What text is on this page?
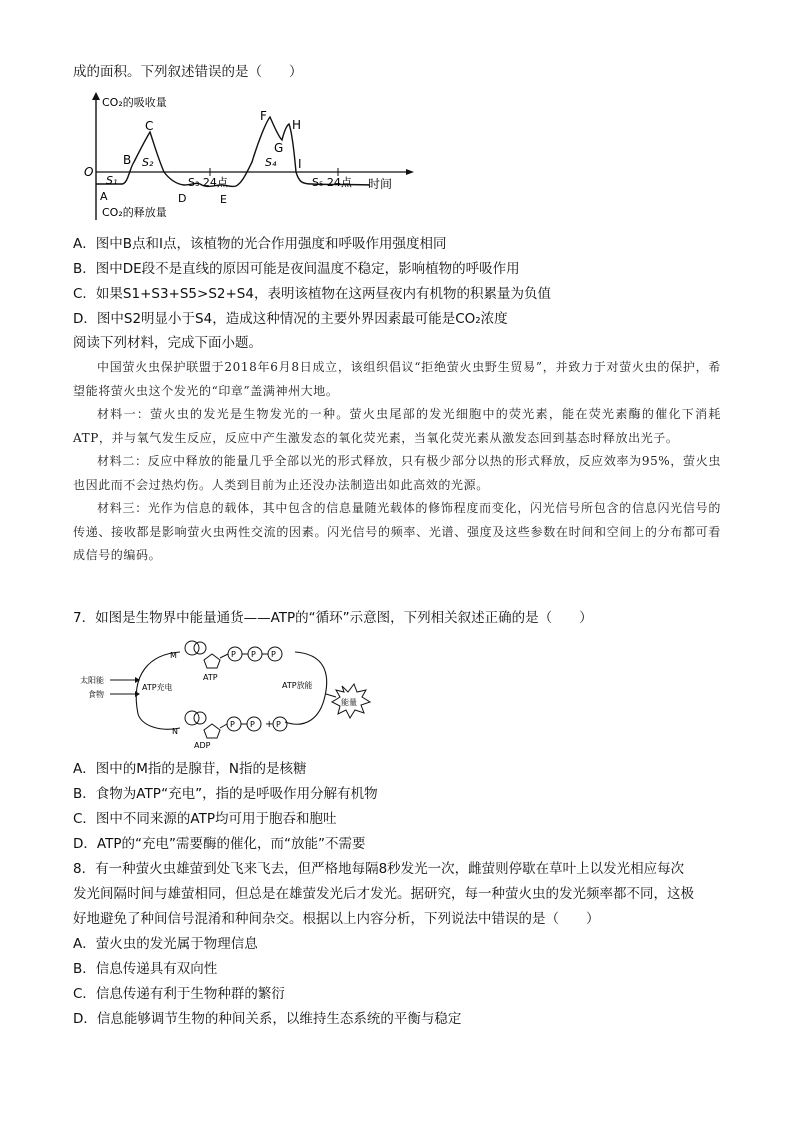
成的面积。下列叙述错误的是（　　）
CO₂的吸收量
CO₂的释放量
O
时间
A
B
C
D	E
F
G
H
I
S₁
S₂	S₄
S₃ 24点	S₅ 24点
A．图中B点和I点，该植物的光合作用强度和呼吸作用强度相同
B．图中DE段不是直线的原因可能是夜间温度不稳定，影响植物的呼吸作用
C．如果S1+S3+S5>S2+S4，表明该植物在这两昼夜内有机物的积累量为负值
D．图中S2明显小于S4，造成这种情况的主要外界因素最可能是CO₂浓度
阅读下列材料，完成下面小题。

中国萤火虫保护联盟于2018年6月8日成立，该组织倡议“拒绝萤火虫野生贸易”，并致力于对萤火虫的保护，希望能将萤火虫这个发光的“印章”盖满神州大地。

材料一：萤火虫的发光是生物发光的一种。萤火虫尾部的发光细胞中的荧光素，能在荧光素酶的催化下消耗ATP，并与氧气发生反应，反应中产生激发态的氧化荧光素，当氧化荧光素从激发态回到基态时释放出光子。

材料二：反应中释放的能量几乎全部以光的形式释放，只有极少部分以热的形式释放，反应效率为95%，萤火虫也因此而不会过热灼伤。人类到目前为止还没办法制造出如此高效的光源。

材料三：光作为信息的载体，其中包含的信息量随光载体的修饰程度而变化，闪光信号所包含的信息闪光信号的传递、接收都是影响萤火虫两性交流的因素。闪光信号的频率、光谱、强度及这些参数在时间和空间上的分布都可看成信号的编码。

7．如图是生物界中能量通货——ATP的“循环”示意图，下列相关叙述正确的是（　　）
太阳能
食物
ATP充电	ATP放能
M	P P P
ATP
能量
N
P P + P
ADP
A．图中的M指的是腺苷，N指的是核糖
B．食物为ATP“充电”，指的是呼吸作用分解有机物
C．图中不同来源的ATP均可用于胞吞和胞吐
D．ATP的“充电”需要酶的催化，而“放能”不需要
8．有一种萤火虫雄萤到处飞来飞去，但严格地每隔8秒发光一次，雌萤则停歇在草叶上以发光相应每次
发光间隔时间与雄萤相同，但总是在雄萤发光后才发光。据研究，每一种萤火虫的发光频率都不同，这极
好地避免了种间信号混淆和种间杂交。根据以上内容分析，下列说法中错误的是（　　）
A．萤火虫的发光属于物理信息
B．信息传递具有双向性
C．信息传递有利于生物种群的繁衍
D．信息能够调节生物的种间关系，以维持生态系统的平衡与稳定
